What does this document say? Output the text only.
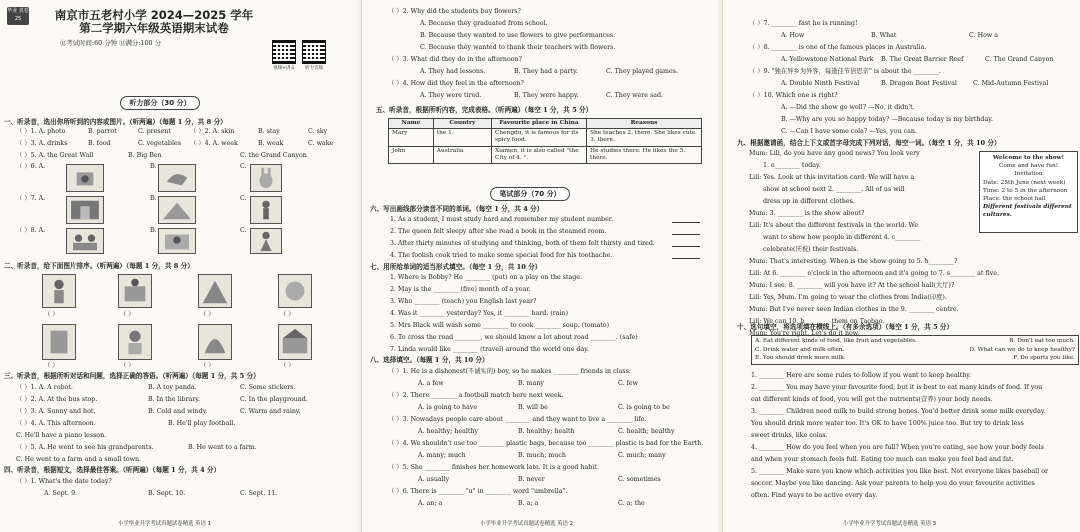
毕业 真卷 25	南京市五老村小学 2024—2025 学年
第二学期六年级英语期末试卷
⑫考试时间:60 分钟 ⑬满分:100 分
视频+讲义	听力音频
听力部分（30 分）
一、听录音，选出你所听到的内容或图片。（听两遍）（每题 1 分，共 8 分）
（ ）1. A. photo	B. parrot	C. present	（ ）2. A. skin	B. stay	C. sky
（ ）3. A. drinks	B. food	C. vegetables （ ）4. A. week	B. weak	C. wake
（ ）5. A. the Great Wall	B. Big Ben	C. the Grand Canyon
（ ）6. A.	B.	C.
（ ）7. A.	B.	C.
（ ）8. A.	B.	C.
二、听录音，给下面图片排序。（听两遍）（每题 1 分，共 8 分）
（ ）	（ ）	（ ）	（ ）
（ ）	（ ）	（ ）	（ ）
三、听录音，根据所听对话和问题，选择正确的答语。（听两遍）（每题 1 分，共 5 分）
（ ）1. A. A robot.	B. A toy panda.	C. Some stickers.
（ ）2. A. At the bus stop.	B. In the library.	C. In the playground.
（ ）3. A. Sunny and hot.	B. Cold and windy.	C. Warm and rainy.
（ ）4. A. This afternoon.	B. He'll play football.
C. He'll have a piano lesson.
（ ）5. A. He went to see his grandparents.	B. He went to a farm.
C. He went to a farm and a small town.
四、听录音，根据短文，选择最佳答案。（听两遍）（每题 1 分，共 4 分）
（ ）1. What's the date today?
A. Sept. 9.	B. Sept. 10.	C. Sept. 11.
小学毕业升学考试真题试卷精选 英语 1
（ ）2. Why did the students buy flowers?
A. Because they graduated from school.
B. Because they wanted to use flowers to give performances.
C. Because they wanted to thank their teachers with flowers.
（ ）3. What did they do in the afternoon?
A. They had lessons.	B. They had a party.	C. They played games.
（ ）4. How did they feel in the afternoon?
A. They were tired.	B. They were happy.	C. They were sad.
五、听录音，根据所听内容，完成表格。（听两遍）（每空 1 分，共 5 分）
Name	Country	Favourite place in China	Reasons
Mary	the 1.	Chengdu, it is famous for its spicy food.	She teaches 2. there. She likes cute 3. there.
John	Australia	Xiamen, it is also called "the City of 4. ".	He studies there. He likes the 5. there.
笔试部分（70 分）
六、写出画线部分读音不同的单词。（每空 1 分，共 4 分）
1. As a student, I must study hard and remember my student number.
2. The queen felt sleepy after she read a book in the steamed room.
3. After thirty minutes of studying and thinking, both of them felt thirsty and tired.
4. The foolish cook tried to make some special food for his toothache.
七、用所给单词的适当形式填空。（每空 1 分，共 10 分）
1. Where is Bobby? He ________ (put) on a play on the stage.
2. May is the ________ (five) month of a year.
3. Who ________ (teach) you English last year?
4. Was it ________ yesterday? Yes, it ________ hard. (rain)
5. Mrs Black will wash some ________ to cook ________ soup. (tomato)
6. To cross the road ________, we should know a lot about road ________. (safe)
7. Linda would like ________ (travel) around the world one day.
八、选择填空。（每题 1 分，共 10 分）
（ ）1. He is a dishonest(不诚实的) boy, so he makes ________ friends in class.
A. a few	B. many	C. few
（ ）2. There ________ a football match here next week.
A. is going to have	B. will be	C. is going to be
（ ）3. Nowadays people care about ________ and they want to live a ________ life.
A. healthy; healthy	B. healthy; health	C. health; healthy
（ ）4. We shouldn't use too ________ plastic bags, because too ________ plastic is bad for the Earth.
A. many; much	B. much; much	C. much; many
（ ）5. She ________ finishes her homework late. It is a good habit.
A. usually	B. never	C. sometimes
（ ）6. There is ________ "u" in ________ word "umbrella".
A. an; a	B. a; a	C. a; the
小学毕业升学考试真题试卷精选 英语 2
（ ）7. ________ fast he is running!
A. How	B. What	C. How a
（ ）8. ________ is one of the famous places in Australia.
A. Yellowstone National Park B. The Great Barrier Reef	C. The Grand Canyon
（ ）9. "独在异乡为异客，每逢佳节倍思亲" is about the ________.
A. Double Ninth Festival	B. Dragon Boat Festival	C. Mid-Autumn Festival
（ ）10. Which one is right?
A. —Did the show go well? —No, it didn't.
B. —Why are you so happy today? —Because today is my birthday.
C. —Can I have some cola? —Yes, you can.
九、根据邀请函，结合上下文或首字母完成下列对话，每空一词。（每空 1 分，共 10 分）
Mum: Lili, do you have any good news? You look very
1. e________ today.
Lili: Yes. Look at this invitation card. We will have a
show at school next 2. ________. All of us will
dress up in different clothes.
Mum: 3. ________ is the show about?
Lili: It's about the different festivals in the world. We
want to show how people in different 4. c________
celebrate(庆祝) their festivals.
Mum: That's interesting. When is the show going to 5. h________?
Lili: At 6. ________ o'clock in the afternoon and it's going to 7. s________ at five.
Mum: I see. 8. ________ will you have it? At the school hall(大厅)?
Lili: Yes, Mum. I'm going to wear the clothes from India(印度).
Mum: But I've never seen Indian clothes in the 9. ________ centre.
Lili: We can 10. b________ them on Taobao.
Mum: You're right. Let's do it now.
Welcome to the show!
Come and have fun!
Invitation
Date: 25th June (next week)
Time: 2 to 5 in the afternoon
Place: the school hall
Different festivals different cultures.
十、选句填空，将选项填在横线上。（有多余选项）（每空 1 分，共 5 分）
A. Eat different kinds of food, like fruit and vegetables.	B. Don't eat too much.
C. Drink water and milk often.	D. What can we do to keep healthy?
E. You should drink more milk.	F. Do sports you like.
1. ________ Here are some rules to follow if you want to keep healthy.
2. ________ You may have your favourite food, but it is best to eat many kinds of food. If you
eat different kinds of food, you will get the nutrients(营养) your body needs.
3. ________ Children need milk to build strong bones. You'd better drink some milk everyday.
You should drink more water too. It's OK to have 100% juice too. But try to drink less
sweet drinks, like colas.
4. ________ How do you feel when you are full? When you're eating, see how your body feels
and when your stomach feels full. Eating too much can make you feel bad and fat.
5. ________ Make sure you know which activities you like best. Not everyone likes baseball or
soccer. Maybe you like dancing. Ask your parents to help you do your favourite activities
often. Find ways to be active every day.
小学毕业升学考试真题试卷精选 英语 3
